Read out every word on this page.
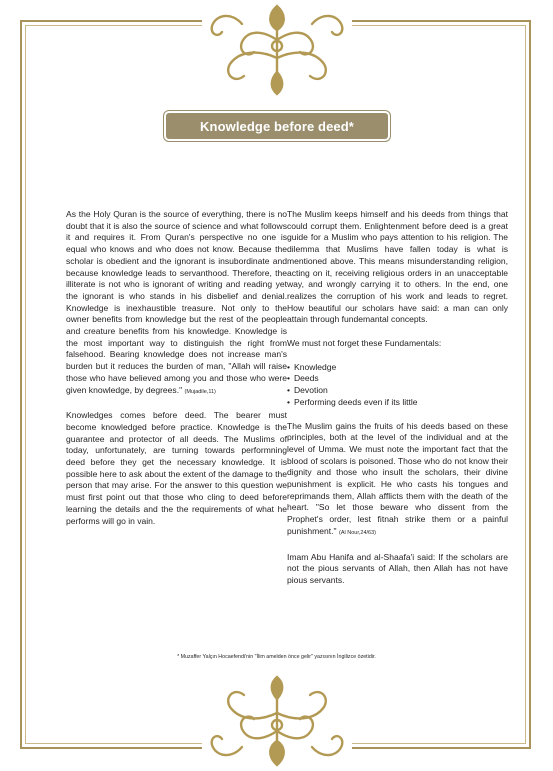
Knowledge before deed*

As the Holy Quran is the source of everything, there is no doubt that it is also the source of science and what follows it and requires it. From Quran's perspective no one is equal who knows and who does not know. Because the scholar is obedient and the ignorant is insubordinate and because knowledge leads to servanthood. Therefore, the illiterate is not who is ignorant of writing and reading yet the ignorant is who stands in his disbelief and denial. Knowledge is inexhaustible treasure. Not only to the owner benefits from knowledge but the rest of the people and creature benefits from his knowledge. Knowledge is the most important way to distinguish the right from falsehood. Bearing knowledge does not increase man's burden but it reduces the burden of man, "Allah will raise those who have believed among you and those who were given knowledge, by degrees." (Mujadile,11)

Knowledges comes before deed. The bearer must become knowledged before practice. Knowledge is the guarantee and protector of all deeds. The Muslims of today, unfortunately, are turning towards performning deed before they get the necessary knowledge. It is possible here to ask about the extent of the damage to the person that may arise. For the answer to this question we must first point out that those who cling to deed before learning the details and the the requirements of what he performs will go in vain.

The Muslim keeps himself and his deeds from things that could corrupt them. Enlightenment before deed is a great guide for a Muslim who pays attention to his religion. The dilemma that Muslims have fallen today is what is mentioned above. This means misunderstanding religion, acting on it, receiving religious orders in an unacceptable way, and wrongly carrying it to others. In the end, one realizes the corruption of his work and leads to regret. How beautiful our scholars have said: a man can only attain through fundemantal concepts.

We must not forget these Fundamentals:

• Knowledge
• Deeds
• Devotion
• Performing deeds even if its little

The Muslim gains the fruits of his deeds based on these principles, both at the level of the individual and at the level of Umma. We must note the important fact that the blood of scolars is poisoned. Those who do not know their dignity and those who insult the scholars, their divine punishment is explicit. He who casts his tongues and reprimands them, Allah afflicts them with the death of the heart. "So let those beware who dissent from the Prophet's order, lest fitnah strike them or a painful punishment." (Al Nour,24/63)

Imam Abu Hanifa and al-Shaafa'i said: If the scholars are not the pious servants of Allah, then Allah has not have pious servants.

* Muzaffer Yalçın Hocaefendi'nin "İlim amelden önce gelir" yazısının İngilizce özetidir.
